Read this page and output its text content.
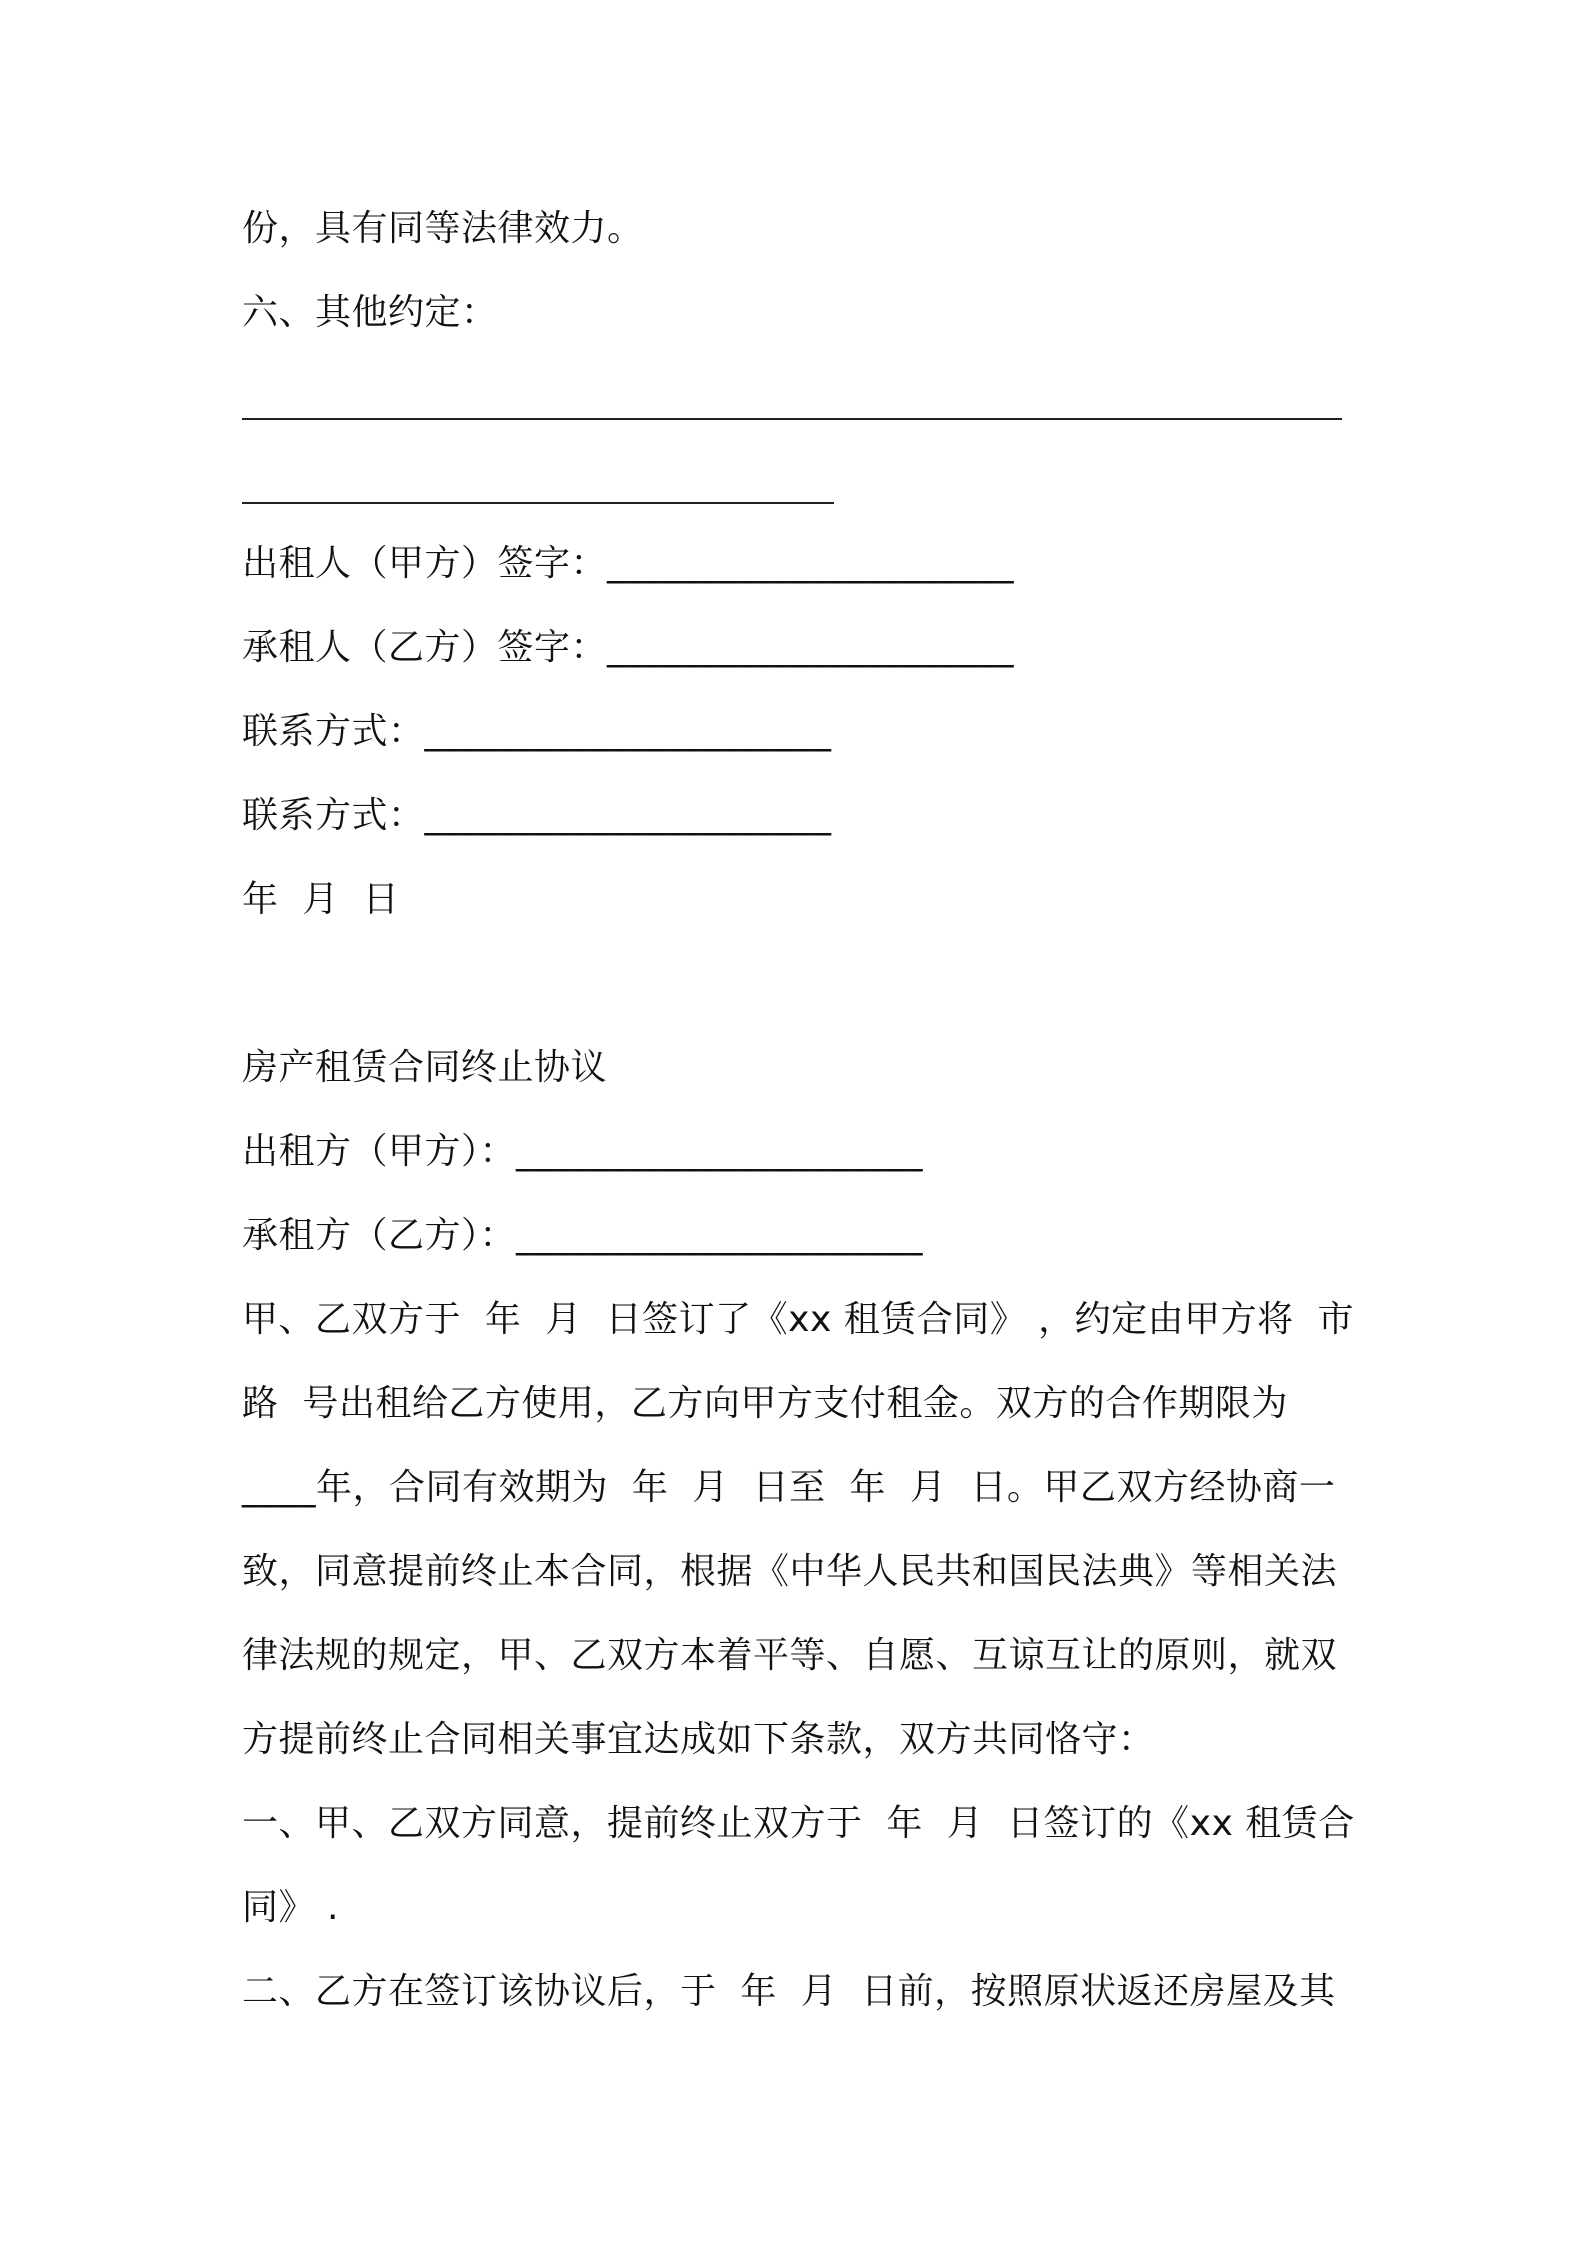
份，具有同等法律效力。
六、其他约定：
出租人（甲方）签字：______________________
承租人（乙方）签字：______________________
联系方式：______________________
联系方式：______________________
年  月  日
房产租赁合同终止协议
出租方（甲方）：______________________
承租方（乙方）：______________________
甲、乙双方于  年  月  日签订了《xx 租赁合同》 ，约定由甲方将  市
路  号出租给乙方使用，乙方向甲方支付租金。双方的合作期限为
____年，合同有效期为  年  月  日至  年  月  日。甲乙双方经协商一
致，同意提前终止本合同，根据《中华人民共和国民法典》等相关法
律法规的规定，甲、乙双方本着平等、自愿、互谅互让的原则，就双
方提前终止合同相关事宜达成如下条款，双方共同恪守：
一、甲、乙双方同意，提前终止双方于  年  月  日签订的《xx 租赁合
同》 .
二、乙方在签订该协议后，于  年  月  日前，按照原状返还房屋及其
